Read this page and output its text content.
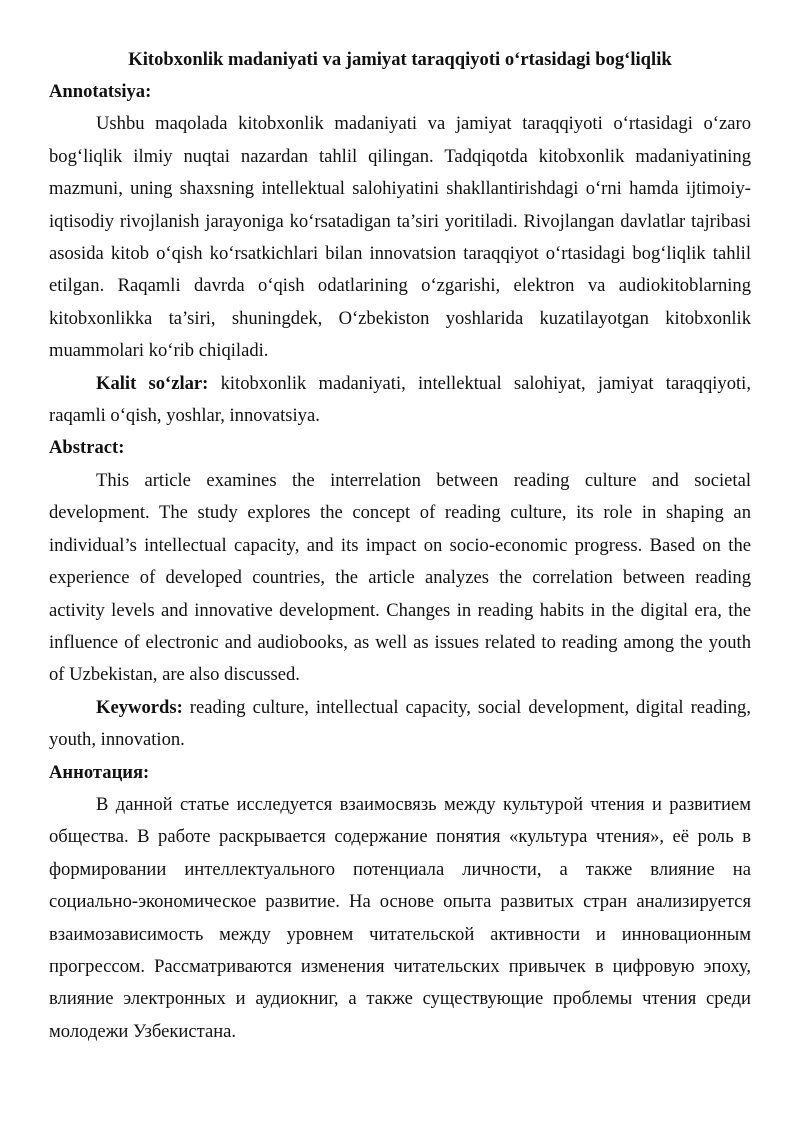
Kitobxonlik madaniyati va jamiyat taraqqiyoti o‘rtasidagi bog‘liqlik

Annotatsiya:

Ushbu maqolada kitobxonlik madaniyati va jamiyat taraqqiyoti o‘rtasidagi o‘zaro bog‘liqlik ilmiy nuqtai nazardan tahlil qilingan. Tadqiqotda kitobxonlik madaniyatining mazmuni, uning shaxsning intellektual salohiyatini shakllantirishdagi o‘rni hamda ijtimoiy-iqtisodiy rivojlanish jarayoniga ko‘rsatadigan ta’siri yoritiladi. Rivojlangan davlatlar tajribasi asosida kitob o‘qish ko‘rsatkichlari bilan innovatsion taraqqiyot o‘rtasidagi bog‘liqlik tahlil etilgan. Raqamli davrda o‘qish odatlarining o‘zgarishi, elektron va audiokitoblarning kitobxonlikka ta’siri, shuningdek, O‘zbekiston yoshlarida kuzatilayotgan kitobxonlik muammolari ko‘rib chiqiladi.

Kalit so‘zlar: kitobxonlik madaniyati, intellektual salohiyat, jamiyat taraqqiyoti, raqamli o‘qish, yoshlar, innovatsiya.

Abstract:

This article examines the interrelation between reading culture and societal development. The study explores the concept of reading culture, its role in shaping an individual’s intellectual capacity, and its impact on socio-economic progress. Based on the experience of developed countries, the article analyzes the correlation between reading activity levels and innovative development. Changes in reading habits in the digital era, the influence of electronic and audiobooks, as well as issues related to reading among the youth of Uzbekistan, are also discussed.

Keywords: reading culture, intellectual capacity, social development, digital reading, youth, innovation.

Аннотация:

В данной статье исследуется взаимосвязь между культурой чтения и развитием общества. В работе раскрывается содержание понятия «культура чтения», её роль в формировании интеллектуального потенциала личности, а также влияние на социально-экономическое развитие. На основе опыта развитых стран анализируется взаимозависимость между уровнем читательской активности и инновационным прогрессом. Рассматриваются изменения читательских привычек в цифровую эпоху, влияние электронных и аудиокниг, а также существующие проблемы чтения среди молодежи Узбекистана.
